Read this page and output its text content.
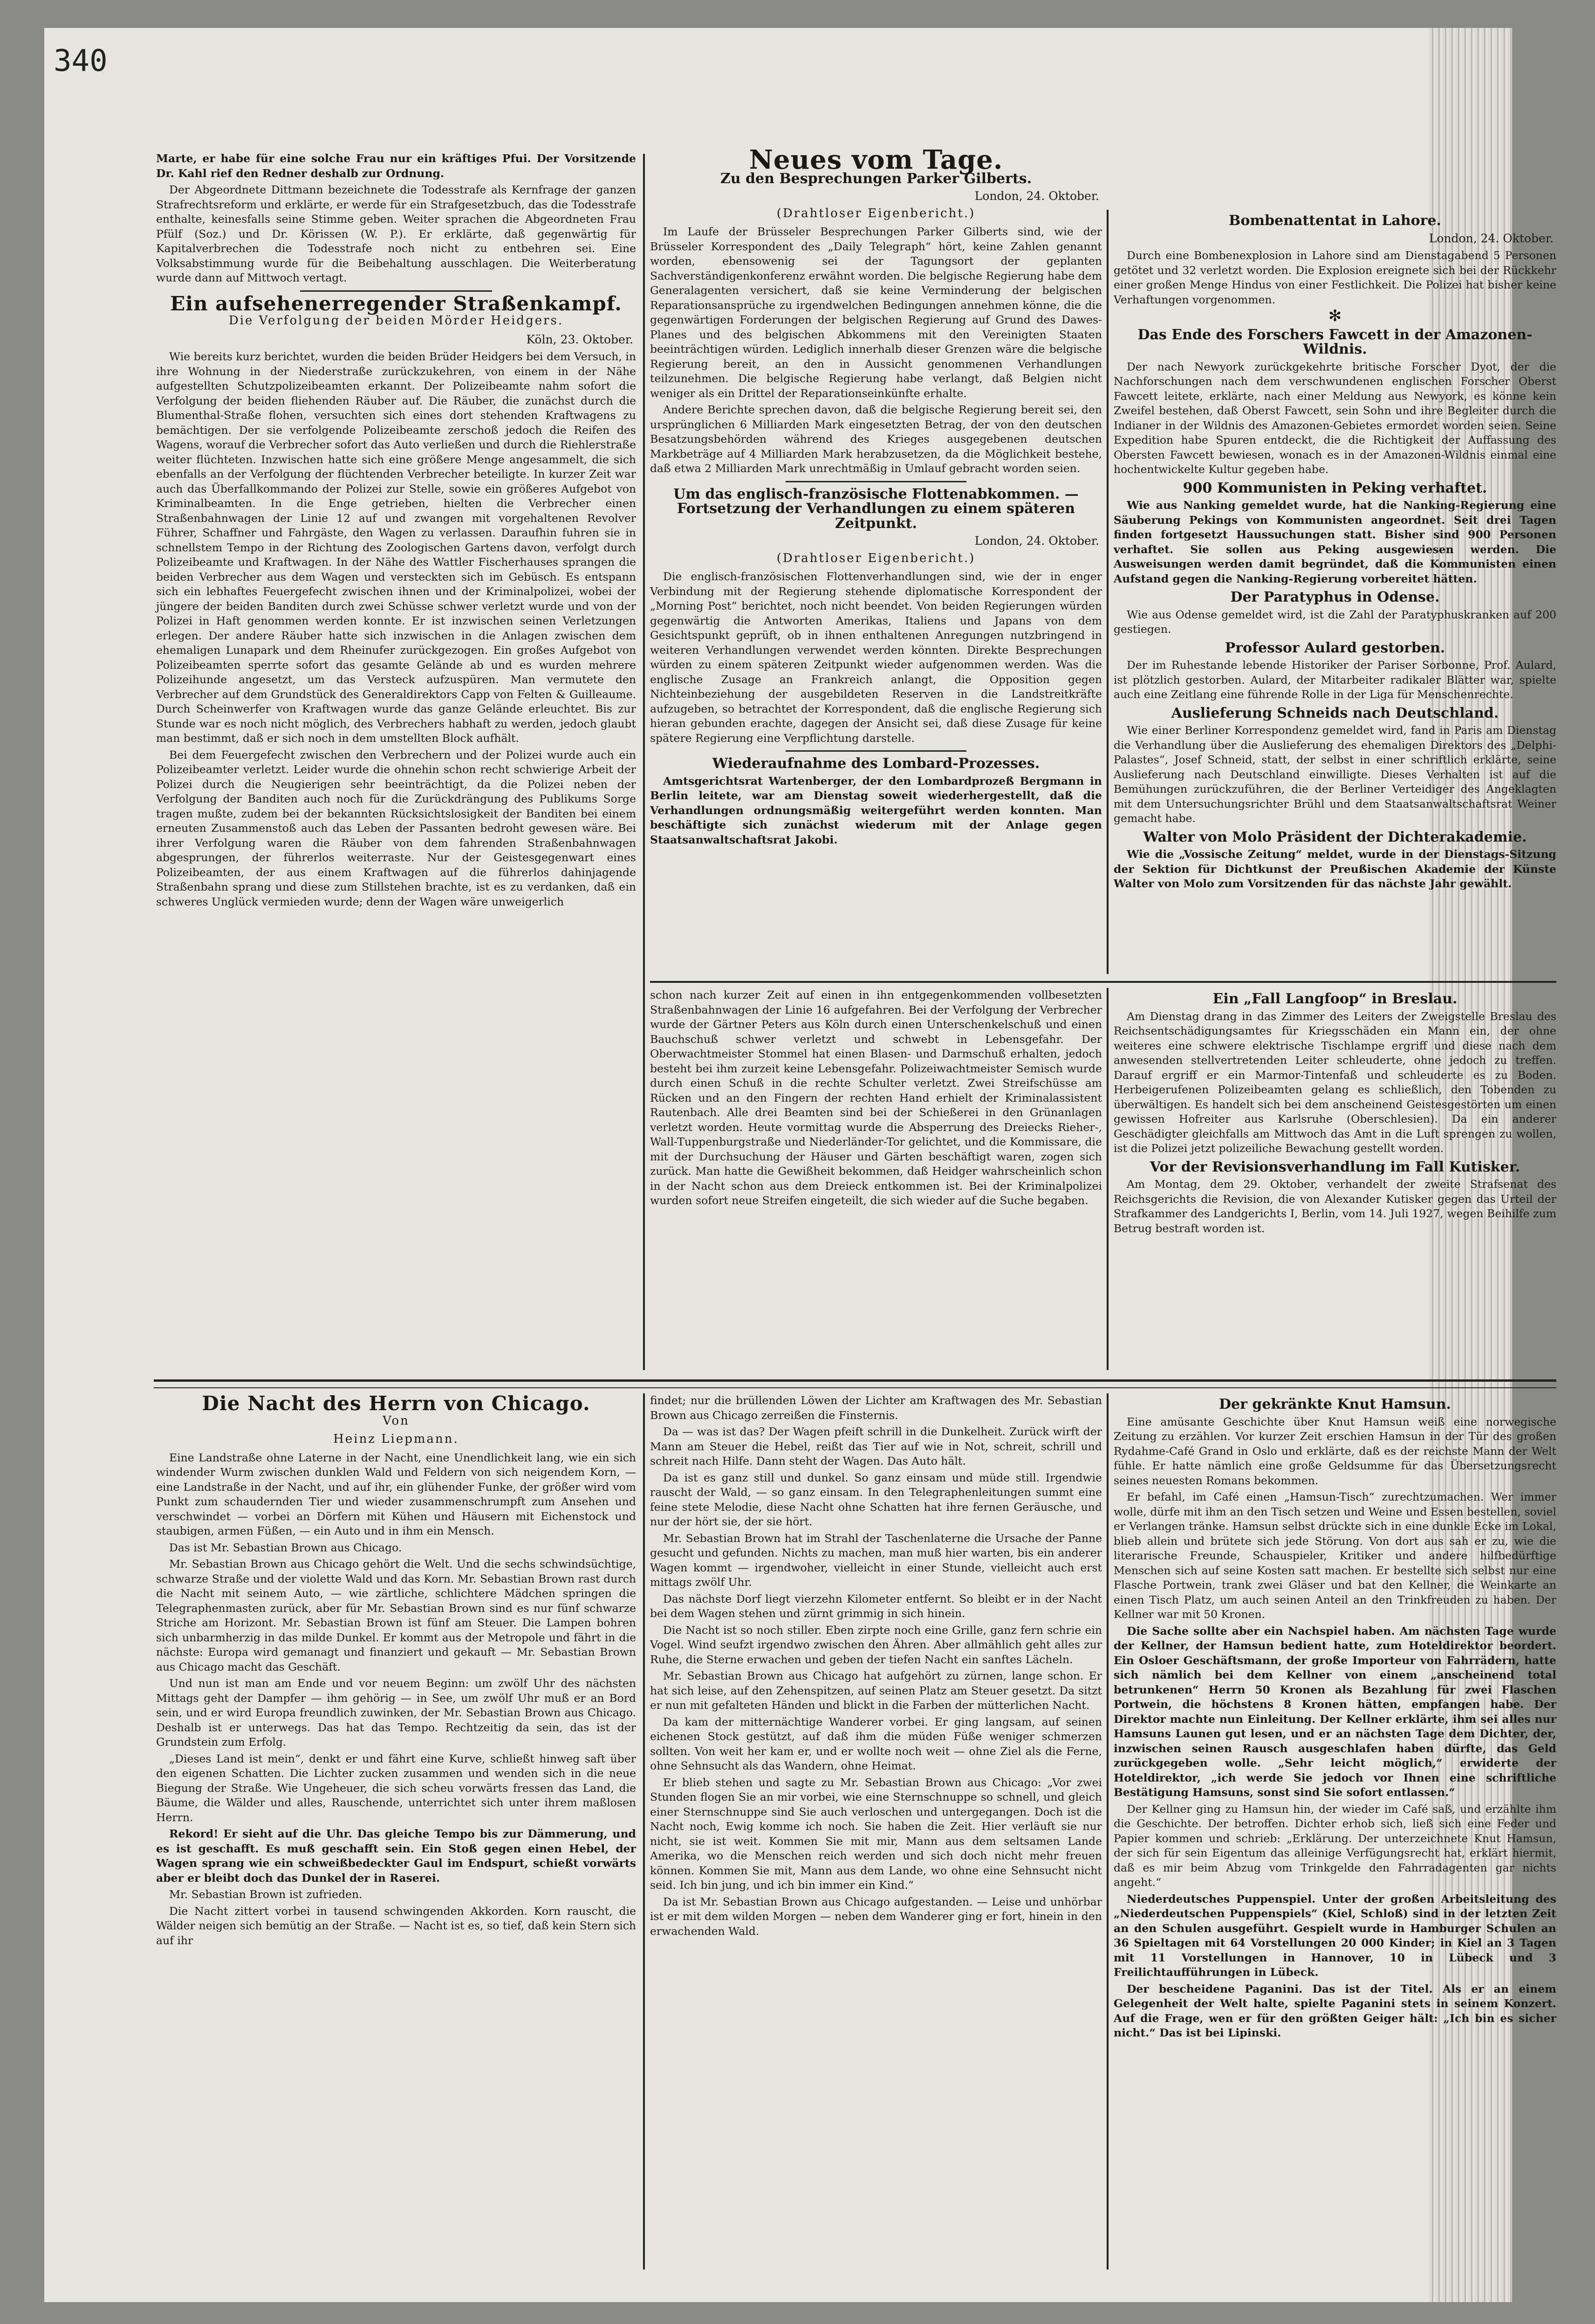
340

Marte, er habe für eine solche Frau nur ein kräftiges Pfui. Der Vorsitzende Dr. Kahl rief den Redner deshalb zur Ordnung.

Der Abgeordnete Dittmann bezeichnete die Todesstrafe als Kernfrage der ganzen Strafrechtsreform und erklärte, er werde für ein Strafgesetzbuch, das die Todesstrafe enthalte, keinesfalls seine Stimme geben. Weiter sprachen die Abgeordneten Frau Pfülf (Soz.) und Dr. Körissen (W. P.). Er erklärte, daß gegenwärtig für Kapitalverbrechen die Todesstrafe noch nicht zu entbehren sei. Eine Volksabstimmung wurde für die Beibehaltung ausschlagen. Die Weiterberatung wurde dann auf Mittwoch vertagt.

Ein aufsehenerregender Straßenkampf.
Die Verfolgung der beiden Mörder Heidgers.
Köln, 23. Oktober.

Wie bereits kurz berichtet, wurden die beiden Brüder Heidgers bei dem Versuch, in ihre Wohnung in der Niederstraße zurückzukehren, von einem in der Nähe aufgestellten Schutzpolizeibeamten erkannt. Der Polizeibeamte nahm sofort die Verfolgung der beiden fliehenden Räuber auf. Die Räuber, die zunächst durch die Blumenthal-Straße flohen, versuchten sich eines dort stehenden Kraftwagens zu bemächtigen. Der sie verfolgende Polizeibeamte zerschoß jedoch die Reifen des Wagens, worauf die Verbrecher sofort das Auto verließen und durch die Riehlerstraße weiter flüchteten. Inzwischen hatte sich eine größere Menge angesammelt, die sich ebenfalls an der Verfolgung der flüchtenden Verbrecher beteiligte. In kurzer Zeit war auch das Überfallkommando der Polizei zur Stelle, sowie ein größeres Aufgebot von Kriminalbeamten. In die Enge getrieben, hielten die Verbrecher einen Straßenbahnwagen der Linie 12 auf und zwangen mit vorgehaltenen Revolver Führer, Schaffner und Fahrgäste, den Wagen zu verlassen. Daraufhin fuhren sie in schnellstem Tempo in der Richtung des Zoologischen Gartens davon, verfolgt durch Polizeibeamte und Kraftwagen. In der Nähe des Wattler Fischerhauses sprangen die beiden Verbrecher aus dem Wagen und versteckten sich im Gebüsch. Es entspann sich ein lebhaftes Feuergefecht zwischen ihnen und der Kriminalpolizei, wobei der jüngere der beiden Banditen durch zwei Schüsse schwer verletzt wurde und von der Polizei in Haft genommen werden konnte. Er ist inzwischen seinen Verletzungen erlegen. Der andere Räuber hatte sich inzwischen in die Anlagen zwischen dem ehemaligen Lunapark und dem Rheinufer zurückgezogen. Ein großes Aufgebot von Polizeibeamten sperrte sofort das gesamte Gelände ab und es wurden mehrere Polizeihunde angesetzt, um das Versteck aufzuspüren. Man vermutete den Verbrecher auf dem Grundstück des Generaldirektors Capp von Felten & Guilleaume. Durch Scheinwerfer von Kraftwagen wurde das ganze Gelände erleuchtet. Bis zur Stunde war es noch nicht möglich, des Verbrechers habhaft zu werden, jedoch glaubt man bestimmt, daß er sich noch in dem umstellten Block aufhält.

Bei dem Feuergefecht zwischen den Verbrechern und der Polizei wurde auch ein Polizeibeamter verletzt. Leider wurde die ohnehin schon recht schwierige Arbeit der Polizei durch die Neugierigen sehr beeinträchtigt, da die Polizei neben der Verfolgung der Banditen auch noch für die Zurückdrängung des Publikums Sorge tragen mußte, zudem bei der bekannten Rücksichtslosigkeit der Banditen bei einem erneuten Zusammenstoß auch das Leben der Passanten bedroht gewesen wäre. Bei ihrer Verfolgung waren die Räuber von dem fahrenden Straßenbahnwagen abgesprungen, der führerlos weiterraste. Nur der Geistesgegenwart eines Polizeibeamten, der aus einem Kraftwagen auf die führerlos dahinjagende Straßenbahn sprang und diese zum Stillstehen brachte, ist es zu verdanken, daß ein schweres Unglück vermieden wurde; denn der Wagen wäre unweigerlich

Neues vom Tage.
Zu den Besprechungen Parker Gilberts.
London, 24. Oktober.
(Drahtloser Eigenbericht.)

Im Laufe der Brüsseler Besprechungen Parker Gilberts sind, wie der Brüsseler Korrespondent des „Daily Telegraph“ hört, keine Zahlen genannt worden, ebensowenig sei der Tagungsort der geplanten Sachverständigenkonferenz erwähnt worden. Die belgische Regierung habe dem Generalagenten versichert, daß sie keine Verminderung der belgischen Reparationsansprüche zu irgendwelchen Bedingungen annehmen könne, die die gegenwärtigen Forderungen der belgischen Regierung auf Grund des Dawes-Planes und des belgischen Abkommens mit den Vereinigten Staaten beeinträchtigen würden. Lediglich innerhalb dieser Grenzen wäre die belgische Regierung bereit, an den in Aussicht genommenen Verhandlungen teilzunehmen. Die belgische Regierung habe verlangt, daß Belgien nicht weniger als ein Drittel der Reparationseinkünfte erhalte.

Andere Berichte sprechen davon, daß die belgische Regierung bereit sei, den ursprünglichen 6 Milliarden Mark eingesetzten Betrag, der von den deutschen Besatzungsbehörden während des Krieges ausgegebenen deutschen Markbeträge auf 4 Milliarden Mark herabzusetzen, da die Möglichkeit bestehe, daß etwa 2 Milliarden Mark unrechtmäßig in Umlauf gebracht worden seien.

Um das englisch-französische Flottenabkommen. — Fortsetzung der Verhandlungen zu einem späteren Zeitpunkt.
London, 24. Oktober.
(Drahtloser Eigenbericht.)

Die englisch-französischen Flottenverhandlungen sind, wie der in enger Verbindung mit der Regierung stehende diplomatische Korrespondent der „Morning Post“ berichtet, noch nicht beendet. Von beiden Regierungen würden gegenwärtig die Antworten Amerikas, Italiens und Japans von dem Gesichtspunkt geprüft, ob in ihnen enthaltenen Anregungen nutzbringend in weiteren Verhandlungen verwendet werden könnten. Direkte Besprechungen würden zu einem späteren Zeitpunkt wieder aufgenommen werden. Was die englische Zusage an Frankreich anlangt, die Opposition gegen Nichteinbeziehung der ausgebildeten Reserven in die Landstreitkräfte aufzugeben, so betrachtet der Korrespondent, daß die englische Regierung sich hieran gebunden erachte, dagegen der Ansicht sei, daß diese Zusage für keine spätere Regierung eine Verpflichtung darstelle.

Wiederaufnahme des Lombard-Prozesses.

Amtsgerichtsrat Wartenberger, der den Lombardprozeß Bergmann in Berlin leitete, war am Dienstag soweit wiederhergestellt, daß die Verhandlungen ordnungsmäßig weitergeführt werden konnten. Man beschäftigte sich zunächst wiederum mit der Anlage gegen Staatsanwaltschaftsrat Jakobi.

Bombenattentat in Lahore.
London, 24. Oktober.

Durch eine Bombenexplosion in Lahore sind am Dienstagabend 5 Personen getötet und 32 verletzt worden. Die Explosion ereignete sich bei der Rückkehr einer großen Menge Hindus von einer Festlichkeit. Die Polizei hat bisher keine Verhaftungen vorgenommen.

✻
Das Ende des Forschers Fawcett in der Amazonen-Wildnis.

Der nach Newyork zurückgekehrte britische Forscher Dyot, der die Nachforschungen nach dem verschwundenen englischen Forscher Oberst Fawcett leitete, erklärte, nach einer Meldung aus Newyork, es könne kein Zweifel bestehen, daß Oberst Fawcett, sein Sohn und ihre Begleiter durch die Indianer in der Wildnis des Amazonen-Gebietes ermordet worden seien. Seine Expedition habe Spuren entdeckt, die die Richtigkeit der Auffassung des Obersten Fawcett bewiesen, wonach es in der Amazonen-Wildnis einmal eine hochentwickelte Kultur gegeben habe.

900 Kommunisten in Peking verhaftet.

Wie aus Nanking gemeldet wurde, hat die Nanking-Regierung eine Säuberung Pekings von Kommunisten angeordnet. Seit drei Tagen finden fortgesetzt Haussuchungen statt. Bisher sind 900 Personen verhaftet. Sie sollen aus Peking ausgewiesen werden. Die Ausweisungen werden damit begründet, daß die Kommunisten einen Aufstand gegen die Nanking-Regierung vorbereitet hätten.

Der Paratyphus in Odense.

Wie aus Odense gemeldet wird, ist die Zahl der Paratyphuskranken auf 200 gestiegen.

Professor Aulard gestorben.

Der im Ruhestande lebende Historiker der Pariser Sorbonne, Prof. Aulard, ist plötzlich gestorben. Aulard, der Mitarbeiter radikaler Blätter war, spielte auch eine Zeitlang eine führende Rolle in der Liga für Menschenrechte.

Auslieferung Schneids nach Deutschland.

Wie einer Berliner Korrespondenz gemeldet wird, fand in Paris am Dienstag die Verhandlung über die Auslieferung des ehemaligen Direktors des „Delphi-Palastes“, Josef Schneid, statt, der selbst in einer schriftlich erklärte, seine Auslieferung nach Deutschland einwilligte. Dieses Verhalten ist auf die Bemühungen zurückzuführen, die der Berliner Verteidiger des Angeklagten mit dem Untersuchungsrichter Brühl und dem Staatsanwaltschaftsrat Weiner gemacht habe.

Walter von Molo Präsident der Dichterakademie.

Wie die „Vossische Zeitung“ meldet, wurde in der Dienstags-Sitzung der Sektion für Dichtkunst der Preußischen Akademie der Künste Walter von Molo zum Vorsitzenden für das nächste Jahr gewählt.

schon nach kurzer Zeit auf einen in ihn entgegenkommenden vollbesetzten Straßenbahnwagen der Linie 16 aufgefahren. Bei der Verfolgung der Verbrecher wurde der Gärtner Peters aus Köln durch einen Unterschenkelschuß und einen Bauchschuß schwer verletzt und schwebt in Lebensgefahr. Der Oberwachtmeister Stommel hat einen Blasen- und Darmschuß erhalten, jedoch besteht bei ihm zurzeit keine Lebensgefahr. Polizeiwachtmeister Semisch wurde durch einen Schuß in die rechte Schulter verletzt. Zwei Streifschüsse am Rücken und an den Fingern der rechten Hand erhielt der Kriminalassistent Rautenbach. Alle drei Beamten sind bei der Schießerei in den Grünanlagen verletzt worden. Heute vormittag wurde die Absperrung des Dreiecks Rieher-, Wall-Tuppenburgstraße und Niederländer-Tor gelichtet, und die Kommissare, die mit der Durchsuchung der Häuser und Gärten beschäftigt waren, zogen sich zurück. Man hatte die Gewißheit bekommen, daß Heidger wahrscheinlich schon in der Nacht schon aus dem Dreieck entkommen ist. Bei der Kriminalpolizei wurden sofort neue Streifen eingeteilt, die sich wieder auf die Suche begaben.

Ein „Fall Langfoop“ in Breslau.

Am Dienstag drang in das Zimmer des Leiters der Zweigstelle Breslau des Reichsentschädigungsamtes für Kriegsschäden ein Mann ein, der ohne weiteres eine schwere elektrische Tischlampe ergriff und diese nach dem anwesenden stellvertretenden Leiter schleuderte, ohne jedoch zu treffen. Darauf ergriff er ein Marmor-Tintenfaß und schleuderte es zu Boden. Herbeigerufenen Polizeibeamten gelang es schließlich, den Tobenden zu überwältigen. Es handelt sich bei dem anscheinend Geistesgestörten um einen gewissen Hofreiter aus Karlsruhe (Oberschlesien). Da ein anderer Geschädigter gleichfalls am Mittwoch das Amt in die Luft sprengen zu wollen, ist die Polizei jetzt polizeiliche Bewachung gestellt worden.

Vor der Revisionsverhandlung im Fall Kutisker.

Am Montag, dem 29. Oktober, verhandelt der zweite Strafsenat des Reichsgerichts die Revision, die von Alexander Kutisker gegen das Urteil der Strafkammer des Landgerichts I, Berlin, vom 14. Juli 1927, wegen Beihilfe zum Betrug bestraft worden ist.

Die Nacht des Herrn von Chicago.
Von
Heinz Liepmann.

Eine Landstraße ohne Laterne in der Nacht, eine Unendlichkeit lang, wie ein sich windender Wurm zwischen dunklen Wald und Feldern von sich neigendem Korn, — eine Landstraße in der Nacht, und auf ihr, ein glühender Funke, der größer wird vom Punkt zum schaudernden Tier und wieder zusammenschrumpft zum Ansehen und verschwindet — vorbei an Dörfern mit Kühen und Häusern mit Eichenstock und staubigen, armen Füßen, — ein Auto und in ihm ein Mensch.

Das ist Mr. Sebastian Brown aus Chicago.

Mr. Sebastian Brown aus Chicago gehört die Welt. Und die sechs schwindsüchtige, schwarze Straße und der violette Wald und das Korn. Mr. Sebastian Brown rast durch die Nacht mit seinem Auto, — wie zärtliche, schlichtere Mädchen springen die Telegraphenmasten zurück, aber für Mr. Sebastian Brown sind es nur fünf schwarze Striche am Horizont. Mr. Sebastian Brown ist fünf am Steuer. Die Lampen bohren sich unbarmherzig in das milde Dunkel. Er kommt aus der Metropole und fährt in die nächste: Europa wird gemanagt und finanziert und gekauft — Mr. Sebastian Brown aus Chicago macht das Geschäft.

Und nun ist man am Ende und vor neuem Beginn: um zwölf Uhr des nächsten Mittags geht der Dampfer — ihm gehörig — in See, um zwölf Uhr muß er an Bord sein, und er wird Europa freundlich zuwinken, der Mr. Sebastian Brown aus Chicago. Deshalb ist er unterwegs. Das hat das Tempo. Rechtzeitig da sein, das ist der Grundstein zum Erfolg.

„Dieses Land ist mein“, denkt er und fährt eine Kurve, schließt hinweg saft über den eigenen Schatten. Die Lichter zucken zusammen und wenden sich in die neue Biegung der Straße. Wie Ungeheuer, die sich scheu vorwärts fressen das Land, die Bäume, die Wälder und alles, Rauschende, unterrichtet sich unter ihrem maßlosen Herrn.

Rekord! Er sieht auf die Uhr. Das gleiche Tempo bis zur Dämmerung, und es ist geschafft. Es muß geschafft sein. Ein Stoß gegen einen Hebel, der Wagen sprang wie ein schweißbedeckter Gaul im Endspurt, schießt vorwärts aber er bleibt doch das Dunkel der in Raserei.

Mr. Sebastian Brown ist zufrieden.

Die Nacht zittert vorbei in tausend schwingenden Akkorden. Korn rauscht, die Wälder neigen sich bemütig an der Straße. — Nacht ist es, so tief, daß kein Stern sich auf ihr

findet; nur die brüllenden Löwen der Lichter am Kraftwagen des Mr. Sebastian Brown aus Chicago zerreißen die Finsternis.

Da — was ist das? Der Wagen pfeift schrill in die Dunkelheit. Zurück wirft der Mann am Steuer die Hebel, reißt das Tier auf wie in Not, schreit, schrill und schreit nach Hilfe. Dann steht der Wagen. Das Auto hält.

Da ist es ganz still und dunkel. So ganz einsam und müde still. Irgendwie rauscht der Wald, — so ganz einsam. In den Telegraphenleitungen summt eine feine stete Melodie, diese Nacht ohne Schatten hat ihre fernen Geräusche, und nur der hört sie, der sie hört.

Mr. Sebastian Brown hat im Strahl der Taschenlaterne die Ursache der Panne gesucht und gefunden. Nichts zu machen, man muß hier warten, bis ein anderer Wagen kommt — irgendwoher, vielleicht in einer Stunde, vielleicht auch erst mittags zwölf Uhr.

Das nächste Dorf liegt vierzehn Kilometer entfernt. So bleibt er in der Nacht bei dem Wagen stehen und zürnt grimmig in sich hinein.

Die Nacht ist so noch stiller. Eben zirpte noch eine Grille, ganz fern schrie ein Vogel. Wind seufzt irgendwo zwischen den Ähren. Aber allmählich geht alles zur Ruhe, die Sterne erwachen und geben der tiefen Nacht ein sanftes Lächeln.

Mr. Sebastian Brown aus Chicago hat aufgehört zu zürnen, lange schon. Er hat sich leise, auf den Zehenspitzen, auf seinen Platz am Steuer gesetzt. Da sitzt er nun mit gefalteten Händen und blickt in die Farben der mütterlichen Nacht.

Da kam der mitternächtige Wanderer vorbei. Er ging langsam, auf seinen eichenen Stock gestützt, auf daß ihm die müden Füße weniger schmerzen sollten. Von weit her kam er, und er wollte noch weit — ohne Ziel als die Ferne, ohne Sehnsucht als das Wandern, ohne Heimat.

Er blieb stehen und sagte zu Mr. Sebastian Brown aus Chicago: „Vor zwei Stunden flogen Sie an mir vorbei, wie eine Sternschnuppe so schnell, und gleich einer Sternschnuppe sind Sie auch verloschen und untergegangen. Doch ist die Nacht noch, Ewig komme ich noch. Sie haben die Zeit. Hier verläuft sie nur nicht, sie ist weit. Kommen Sie mit mir, Mann aus dem seltsamen Lande Amerika, wo die Menschen reich werden und sich doch nicht mehr freuen können. Kommen Sie mit, Mann aus dem Lande, wo ohne eine Sehnsucht nicht seid. Ich bin jung, und ich bin immer ein Kind.“

Da ist Mr. Sebastian Brown aus Chicago aufgestanden. — Leise und unhörbar ist er mit dem wilden Morgen — neben dem Wanderer ging er fort, hinein in den erwachenden Wald.

Der gekränkte Knut Hamsun.

Eine amüsante Geschichte über Knut Hamsun weiß eine norwegische Zeitung zu erzählen. Vor kurzer Zeit erschien Hamsun in der Tür des großen Rydahme-Café Grand in Oslo und erklärte, daß es der reichste Mann der Welt fühle. Er hatte nämlich eine große Geldsumme für das Übersetzungsrecht seines neuesten Romans bekommen.

Er befahl, im Café einen „Hamsun-Tisch“ zurechtzumachen. Wer immer wolle, dürfe mit ihm an den Tisch setzen und Weine und Essen bestellen, soviel er Verlangen tränke. Hamsun selbst drückte sich in eine dunkle Ecke im Lokal, blieb allein und brütete sich jede Störung. Von dort aus sah er zu, wie die literarische Freunde, Schauspieler, Kritiker und andere hilfbedürftige Menschen sich auf seine Kosten satt machen. Er bestellte sich selbst nur eine Flasche Portwein, trank zwei Gläser und bat den Kellner, die Weinkarte an einen Tisch Platz, um auch seinen Anteil an den Trinkfreuden zu haben. Der Kellner war mit 50 Kronen.

Die Sache sollte aber ein Nachspiel haben. Am nächsten Tage wurde der Kellner, der Hamsun bedient hatte, zum Hoteldirektor beordert. Ein Osloer Geschäftsmann, der große Importeur von Fahrrädern, hatte sich nämlich bei dem Kellner von einem „anscheinend total betrunkenen“ Herrn 50 Kronen als Bezahlung für zwei Flaschen Portwein, die höchstens 8 Kronen hätten, empfangen habe. Der Direktor machte nun Einleitung. Der Kellner erklärte, ihm sei alles nur Hamsuns Launen gut lesen, und er an nächsten Tage dem Dichter, der, inzwischen seinen Rausch ausgeschlafen haben dürfte, das Geld zurückgegeben wolle. „Sehr leicht möglich,“ erwiderte der Hoteldirektor, „ich werde Sie jedoch vor Ihnen eine schriftliche Bestätigung Hamsuns, sonst sind Sie sofort entlassen.“

Der Kellner ging zu Hamsun hin, der wieder im Café saß, und erzählte ihm die Geschichte. Der betroffen. Dichter erhob sich, ließ sich eine Feder und Papier kommen und schrieb: „Erklärung. Der unterzeichnete Knut Hamsun, der sich für sein Eigentum das alleinige Verfügungsrecht hat, erklärt hiermit, daß es mir beim Abzug vom Trinkgelde den Fahrradagenten gar nichts angeht.“

Niederdeutsches Puppenspiel. Unter der großen Arbeitsleitung des „Niederdeutschen Puppenspiels“ (Kiel, Schloß) sind in der letzten Zeit an den Schulen ausgeführt. Gespielt wurde in Hamburger Schulen an 36 Spieltagen mit 64 Vorstellungen 20 000 Kinder; in Kiel an 3 Tagen mit 11 Vorstellungen in Hannover, 10 in Lübeck und 3 Freilichtaufführungen in Lübeck.

Der bescheidene Paganini. Das ist der Titel. Als er an einem Gelegenheit der Welt halte, spielte Paganini stets in seinem Konzert. Auf die Frage, wen er für den größten Geiger hält: „Ich bin es sicher nicht.“ Das ist bei Lipinski.
